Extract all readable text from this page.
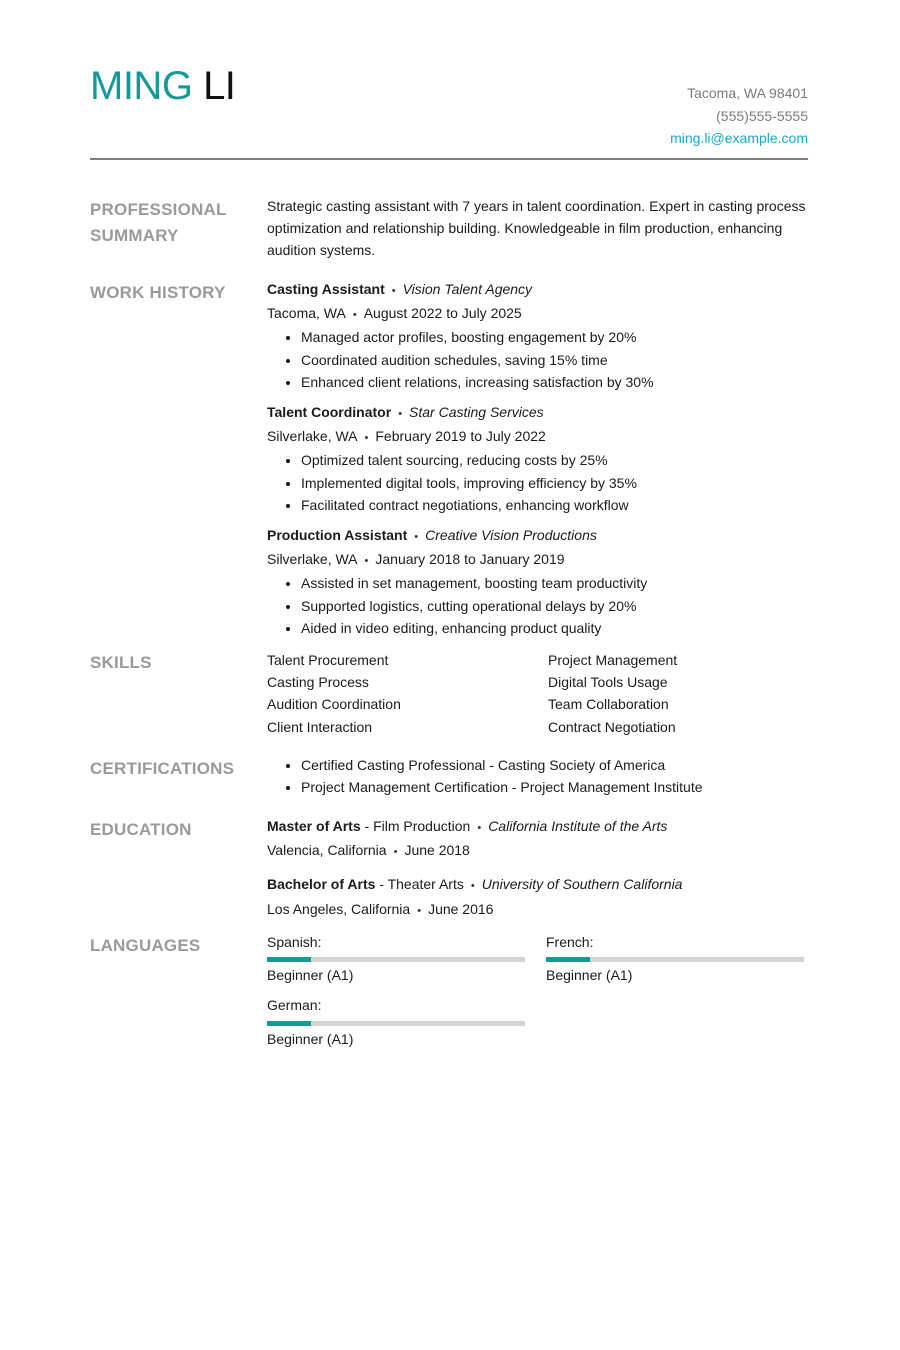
MING LI	Tacoma, WA 98401
(555)555-5555
ming.li@example.com
PROFESSIONAL
SUMMARY
Strategic casting assistant with 7 years in talent coordination. Expert in casting process optimization and relationship building. Knowledgeable in film production, enhancing audition systems.
WORK HISTORY	Casting Assistant • Vision Talent Agency
Tacoma, WA • August 2022 to July 2025
• Managed actor profiles, boosting engagement by 20%
• Coordinated audition schedules, saving 15% time
• Enhanced client relations, increasing satisfaction by 30%
Talent Coordinator • Star Casting Services
Silverlake, WA • February 2019 to July 2022
• Optimized talent sourcing, reducing costs by 25%
• Implemented digital tools, improving efficiency by 35%
• Facilitated contract negotiations, enhancing workflow
Production Assistant • Creative Vision Productions
Silverlake, WA • January 2018 to January 2019
• Assisted in set management, boosting team productivity
• Supported logistics, cutting operational delays by 20%
• Aided in video editing, enhancing product quality
SKILLS	Talent Procurement	Project Management
Casting Process	Digital Tools Usage
Audition Coordination	Team Collaboration
Client Interaction	Contract Negotiation
CERTIFICATIONS
•	Certified Casting Professional - Casting Society of America
• Project Management Certification - Project Management Institute
EDUCATION	Master of Arts - Film Production • California Institute of the Arts
Valencia, California • June 2018
Bachelor of Arts - Theater Arts • University of Southern California
Los Angeles, California • June 2016
LANGUAGES	Spanish:
Beginner (A1)
French:
Beginner (A1)
German:
Beginner (A1)
